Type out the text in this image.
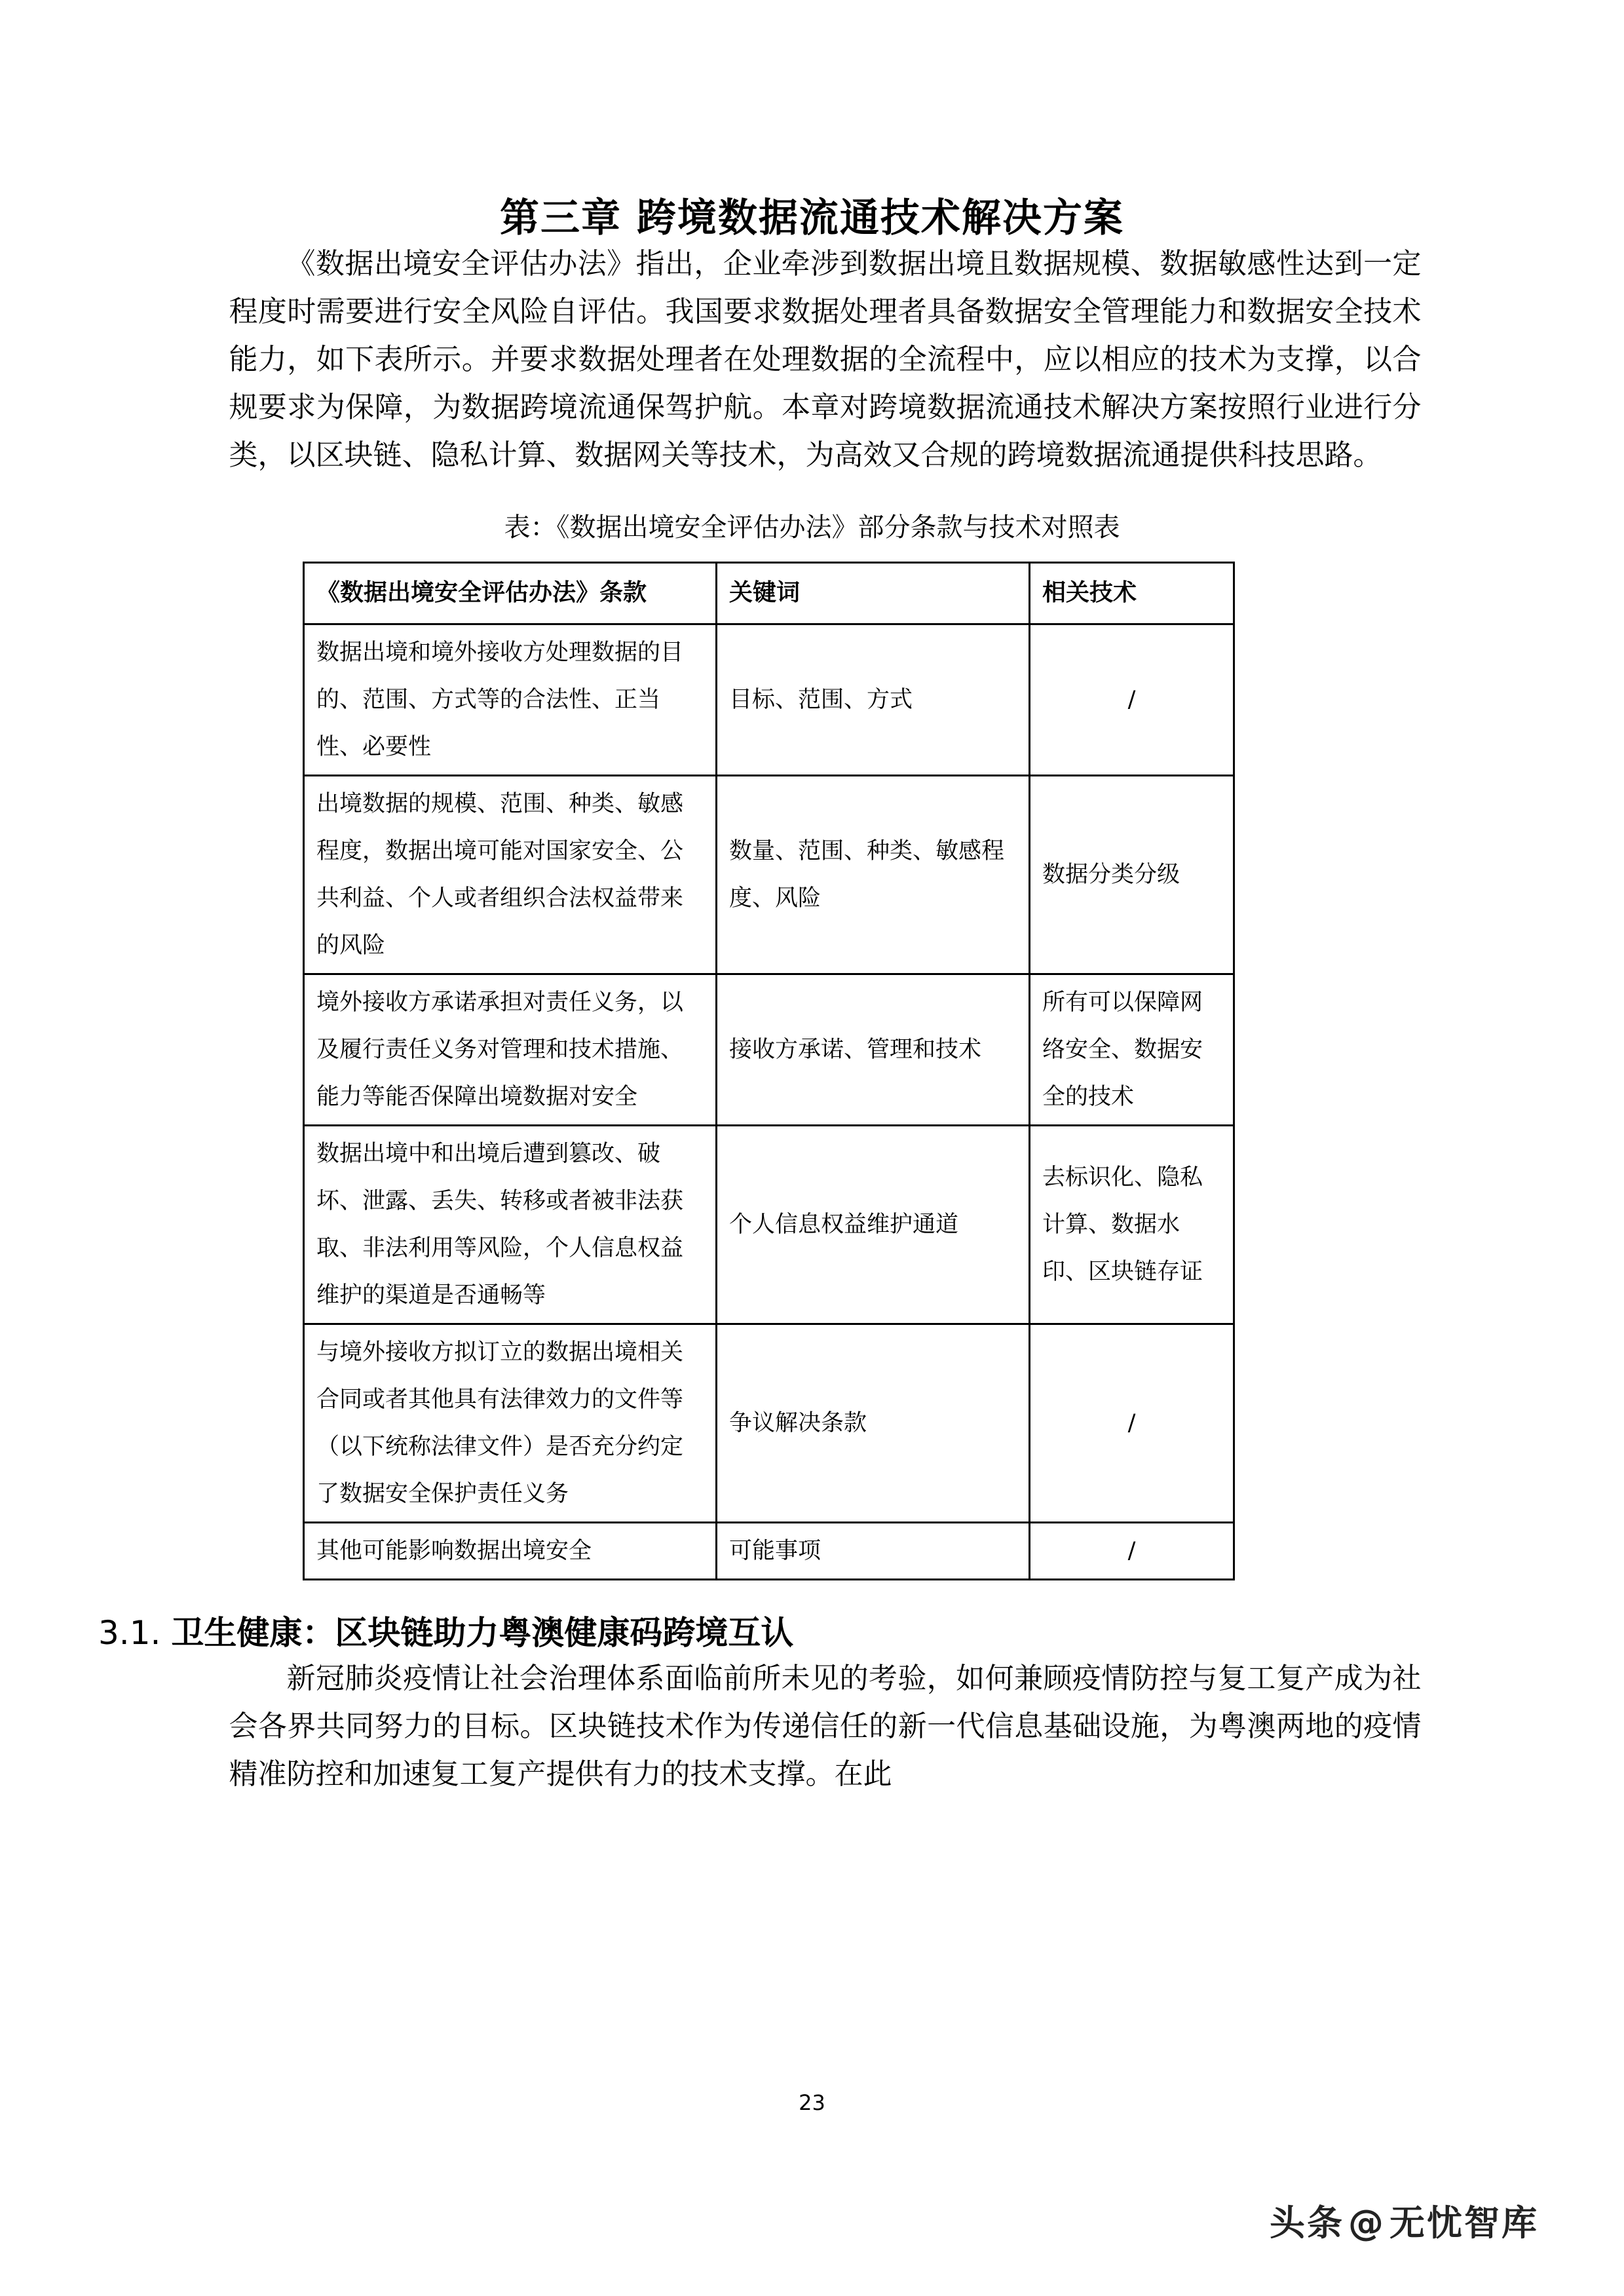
第三章 跨境数据流通技术解决方案

《数据出境安全评估办法》指出，企业牵涉到数据出境且数据规模、数据敏感性达到一定程度时需要进行安全风险自评估。我国要求数据处理者具备数据安全管理能力和数据安全技术能力，如下表所示。并要求数据处理者在处理数据的全流程中，应以相应的技术为支撑，以合规要求为保障，为数据跨境流通保驾护航。本章对跨境数据流通技术解决方案按照行业进行分类，以区块链、隐私计算、数据网关等技术，为高效又合规的跨境数据流通提供科技思路。

表：《数据出境安全评估办法》部分条款与技术对照表
《数据出境安全评估办法》条款	关键词	相关技术
数据出境和境外接收方处理数据的目的、范围、方式等的合法性、正当性、必要性	目标、范围、方式	/
出境数据的规模、范围、种类、敏感程度，数据出境可能对国家安全、公共利益、个人或者组织合法权益带来的风险	数量、范围、种类、敏感程度、风险	数据分类分级
境外接收方承诺承担对责任义务，以及履行责任义务对管理和技术措施、能力等能否保障出境数据对安全	接收方承诺、管理和技术	所有可以保障网络安全、数据安全的技术
数据出境中和出境后遭到篡改、破坏、泄露、丢失、转移或者被非法获取、非法利用等风险，个人信息权益维护的渠道是否通畅等	个人信息权益维护通道	去标识化、隐私计算、数据水印、区块链存证
与境外接收方拟订立的数据出境相关合同或者其他具有法律效力的文件等（以下统称法律文件）是否充分约定了数据安全保护责任义务	争议解决条款	/
其他可能影响数据出境安全	可能事项	/
3.1. 卫生健康：区块链助力粤澳健康码跨境互认

新冠肺炎疫情让社会治理体系面临前所未见的考验，如何兼顾疫情防控与复工复产成为社会各界共同努力的目标。区块链技术作为传递信任的新一代信息基础设施，为粤澳两地的疫情精准防控和加速复工复产提供有力的技术支撑。在此

23
头条 @ 无忧智库
